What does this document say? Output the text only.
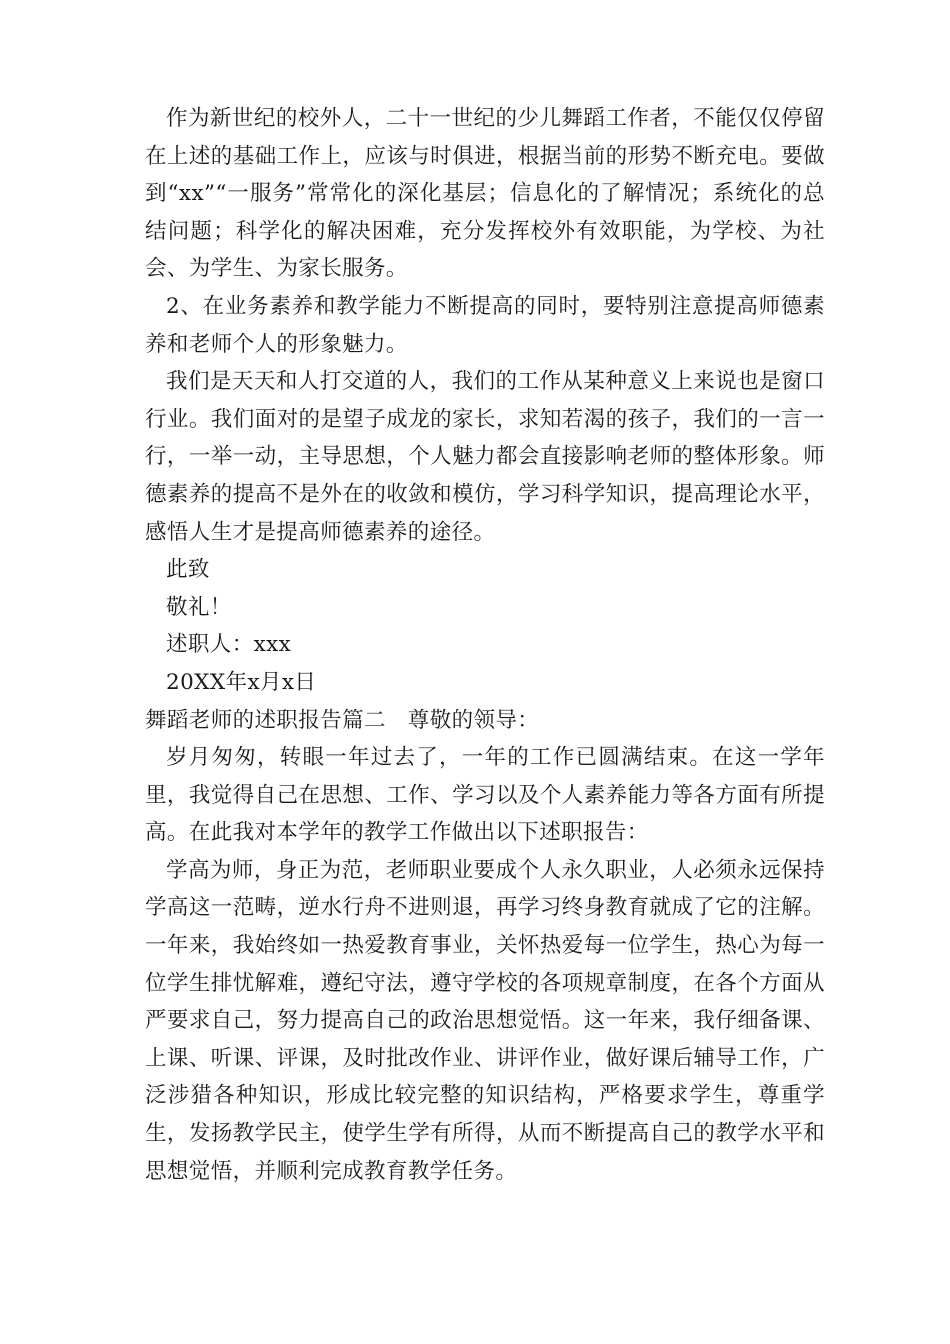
作为新世纪的校外人，二十一世纪的少儿舞蹈工作者，不能仅仅停留在上述的基础工作上，应该与时俱进，根据当前的形势不断充电。要做到“xx”“一服务”常常化的深化基层；信息化的了解情况；系统化的总结问题；科学化的解决困难，充分发挥校外有效职能，为学校、为社会、为学生、为家长服务。

2、在业务素养和教学能力不断提高的同时，要特别注意提高师德素养和老师个人的形象魅力。

我们是天天和人打交道的人，我们的工作从某种意义上来说也是窗口行业。我们面对的是望子成龙的家长，求知若渴的孩子，我们的一言一行，一举一动，主导思想，个人魅力都会直接影响老师的整体形象。师德素养的提高不是外在的收敛和模仿，学习科学知识，提高理论水平，感悟人生才是提高师德素养的途径。

此致

敬礼！

述职人：xxx

20XX年x月x日

舞蹈老师的述职报告篇二　尊敬的领导：

岁月匆匆，转眼一年过去了，一年的工作已圆满结束。在这一学年里，我觉得自己在思想、工作、学习以及个人素养能力等各方面有所提高。在此我对本学年的教学工作做出以下述职报告：

学高为师，身正为范，老师职业要成个人永久职业，人必须永远保持学高这一范畴，逆水行舟不进则退，再学习终身教育就成了它的注解。一年来，我始终如一热爱教育事业，关怀热爱每一位学生，热心为每一位学生排忧解难，遵纪守法，遵守学校的各项规章制度，在各个方面从严要求自己，努力提高自己的政治思想觉悟。这一年来，我仔细备课、上课、听课、评课，及时批改作业、讲评作业，做好课后辅导工作，广泛涉猎各种知识，形成比较完整的知识结构，严格要求学生，尊重学生，发扬教学民主，使学生学有所得，从而不断提高自己的教学水平和思想觉悟，并顺利完成教育教学任务。
